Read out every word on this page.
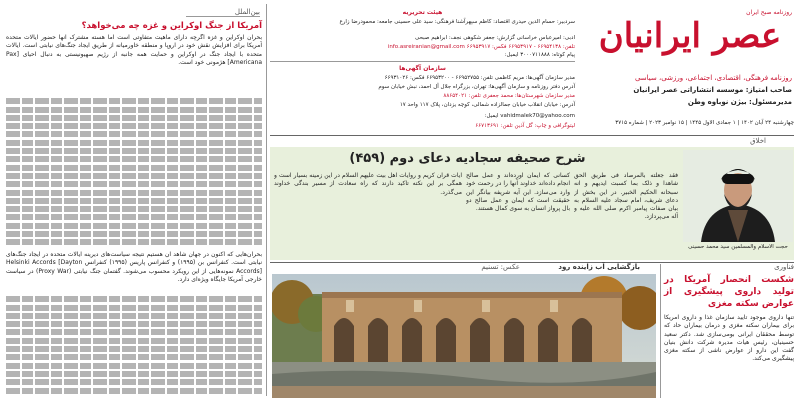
روزنامه صبح ایران
عصر ایرانیان
روزنامه فرهنگی، اقتصادی، اجتماعی، ورزشی، سیاسی
صاحب امتیاز: موسسه انتشاراتی عصر ایرانیان
مدیرمسئول: بیژن نوباوه وطن
چهارشنبه ۲۴ آبان ۱۴۰۲ | ۱ جمادی الاول ۱۴۴۵ | ۱۵ نوامبر ۲۰۲۳ | شماره ۳۷۱۵
هیئت تحریریه
سردبیر: حسام الدین حیدری اقتصاد: کاظم سپهرآشنا فرهنگی: سید علی حسینی جامعه: محمودرضا زارع
ادبی: امیرعباس خراسانی گزارش: جعفر شکوهی نجف: ابراهیم صبحی
تلفن: ۶۶۹۵۴۱۳۸ - ۶۶۹۵۳۹۱۷ فکس: ۶۶۹۵۳۹۱۷ info.asreiranian@gmail.com
پیام کوتاه: ۳۰۰۰۷۱۱۸۸۸ ایمیل:
سازمان آگهی‌ها
مدیر سازمان آگهی‌ها: مریم کاظمی تلفن: ۶۶۹۵۲۷۵۵ - ۶۶۹۵۳۲۰۰ فکس: ۶۶۹۳۱۰۲۶
آدرس دفتر روزنامه و سازمان آگهی‌ها: تهران، بزرگراه جلال آل احمد، نبش خیابان سوم
مدیر سازمان شهرستان‌ها: محمد جعفری تلفن: ۸۸۶۵۴۰۲۱
آدرس: خیابان انقلاب خیابان جمالزاده شمالی، کوچه یزدان، پلاک ۱۱۷ واحد ۱۷
vahidmalek70@yahoo.com ایمیل:
لیتوگرافی و چاپ: گل آذین تلفن: ۶۶۷۱۳۶۹۱
بین‌الملل
آمریکا از جنگ اوکراین و غزه چه می‌خواهد؟
بحران اوکراین و غزه اگرچه دارای ماهیت متفاوتی است اما هسته مشترک آنها حضور ایالات متحده آمریکا برای افزایش نقش خود در اروپا و منطقه خاورمیانه از طریق ایجاد جنگ‌های نیابتی است. ایالات متحده با ایجاد جنگ در اوکراین و حمایت همه جانبه از رژیم صهیونیستی به دنبال احیای [Pax Americana] هژمونی خود است.
بحران‌هایی که اکنون در جهان شاهد آن هستیم نتیجه سیاست‌های دیرینه ایالات متحده در ایجاد جنگ‌های نیابتی است. کنفرانس بن (۱۹۹۵) و کنفرانس پاریس (۱۹۹۵) کنفرانس Helsinki Accords [Dayton Accords] نمونه‌هایی از این رویکرد محسوب می‌شوند. گفتمان جنگ نیابتی (Proxy War) در سیاست خارجی آمریکا جایگاه ویژه‌ای دارد.
اخلاق
شرح صحیفه سجادیه دعای دوم (۴۵۹)
حجت الاسلام والمسلمین سید محمد حسینی
فقد جعلته بالمرصاد فی طریق الحق شاهدا و ذلک بما کسبت ایدیهم و انه سبحانه الحکیم الخبیر. در این بخش از دعای شریف، امام سجاد علیه السلام به بیان صفات پیامبر اکرم صلی الله علیه و آله می‌پردازد.
کسانی که ایمان آورده‌اند و عمل صالح انجام داده‌اند خداوند آنها را در رحمت خود وارد می‌سازد. این آیه شریفه بیانگر این حقیقت است که ایمان و عمل صالح دو بال پرواز انسان به سوی کمال هستند.
آیات قرآن کریم و روایات اهل بیت علیهم السلام در این زمینه بسیار است و همگی بر این نکته تاکید دارند که راه سعادت از مسیر بندگی خداوند می‌گذرد.
عکس: تسنیم	بازگشایی آب زاینده رود	فناوری
شکست انحصار آمریکا در تولید داروی پیشگیری از عوارض سکته مغزی
تنها داروی موجود تایید سازمان غذا و داروی آمریکا برای بیماران سکته مغزی و درمان بیماران حاد که توسط محققان ایرانی بومی‌سازی شد. دکتر سعید حسینیان، رئیس هیات مدیره شرکت دانش بنیان گفت این دارو از عوارض ناشی از سکته مغزی پیشگیری می‌کند.
